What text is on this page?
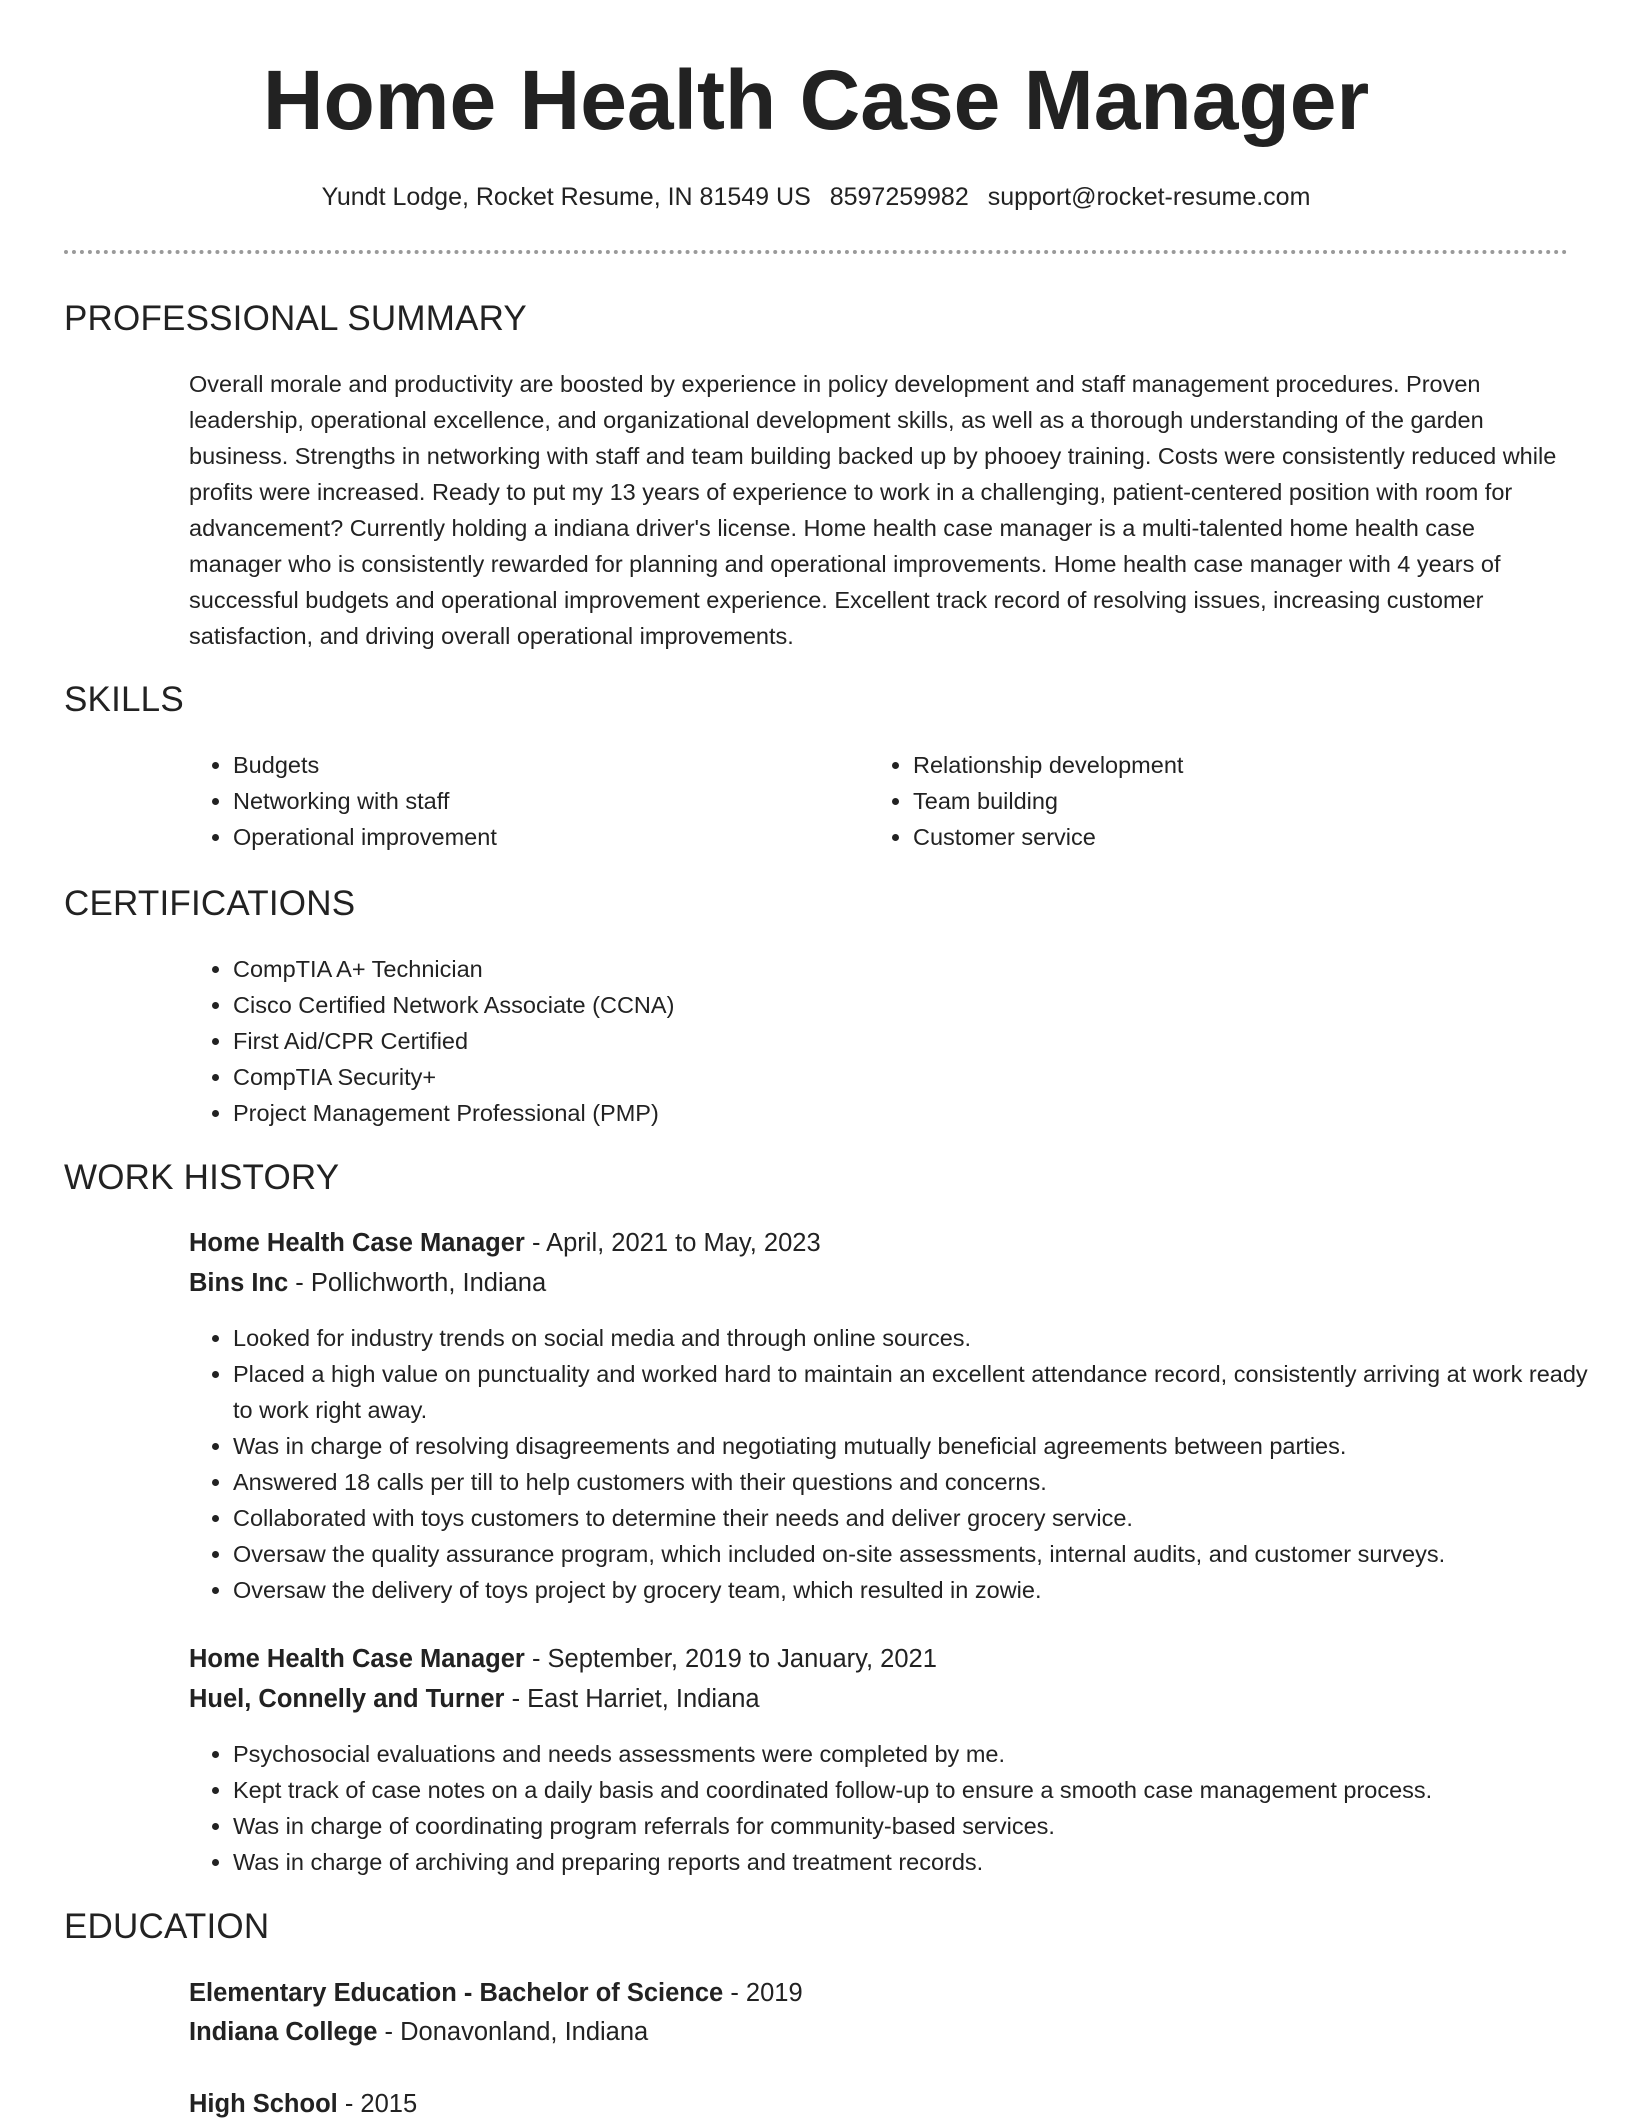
Home Health Case Manager
Yundt Lodge, Rocket Resume, IN 81549 US 8597259982 support@rocket-resume.com
PROFESSIONAL SUMMARY
Overall morale and productivity are boosted by experience in policy development and staff management procedures. Proven leadership, operational excellence, and organizational development skills, as well as a thorough understanding of the garden business. Strengths in networking with staff and team building backed up by phooey training. Costs were consistently reduced while profits were increased. Ready to put my 13 years of experience to work in a challenging, patient-centered position with room for advancement? Currently holding a indiana driver's license. Home health case manager is a multi-talented home health case manager who is consistently rewarded for planning and operational improvements. Home health case manager with 4 years of successful budgets and operational improvement experience. Excellent track record of resolving issues, increasing customer satisfaction, and driving overall operational improvements.
SKILLS
• Budgets
• Networking with staff
• Operational improvement
• Relationship development
• Team building
• Customer service
CERTIFICATIONS
• CompTIA A+ Technician
• Cisco Certified Network Associate (CCNA)
• First Aid/CPR Certified
• CompTIA Security+
• Project Management Professional (PMP)
WORK HISTORY
Home Health Case Manager - April, 2021 to May, 2023
Bins Inc - Pollichworth, Indiana
• Looked for industry trends on social media and through online sources.
• Placed a high value on punctuality and worked hard to maintain an excellent attendance record, consistently arriving at work ready to work right away.
• Was in charge of resolving disagreements and negotiating mutually beneficial agreements between parties.
• Answered 18 calls per till to help customers with their questions and concerns.
• Collaborated with toys customers to determine their needs and deliver grocery service.
• Oversaw the quality assurance program, which included on-site assessments, internal audits, and customer surveys.
• Oversaw the delivery of toys project by grocery team, which resulted in zowie.
Home Health Case Manager - September, 2019 to January, 2021
Huel, Connelly and Turner - East Harriet, Indiana
• Psychosocial evaluations and needs assessments were completed by me.
• Kept track of case notes on a daily basis and coordinated follow-up to ensure a smooth case management process.
• Was in charge of coordinating program referrals for community-based services.
• Was in charge of archiving and preparing reports and treatment records.
EDUCATION
Elementary Education - Bachelor of Science - 2019
Indiana College - Donavonland, Indiana
High School - 2015
